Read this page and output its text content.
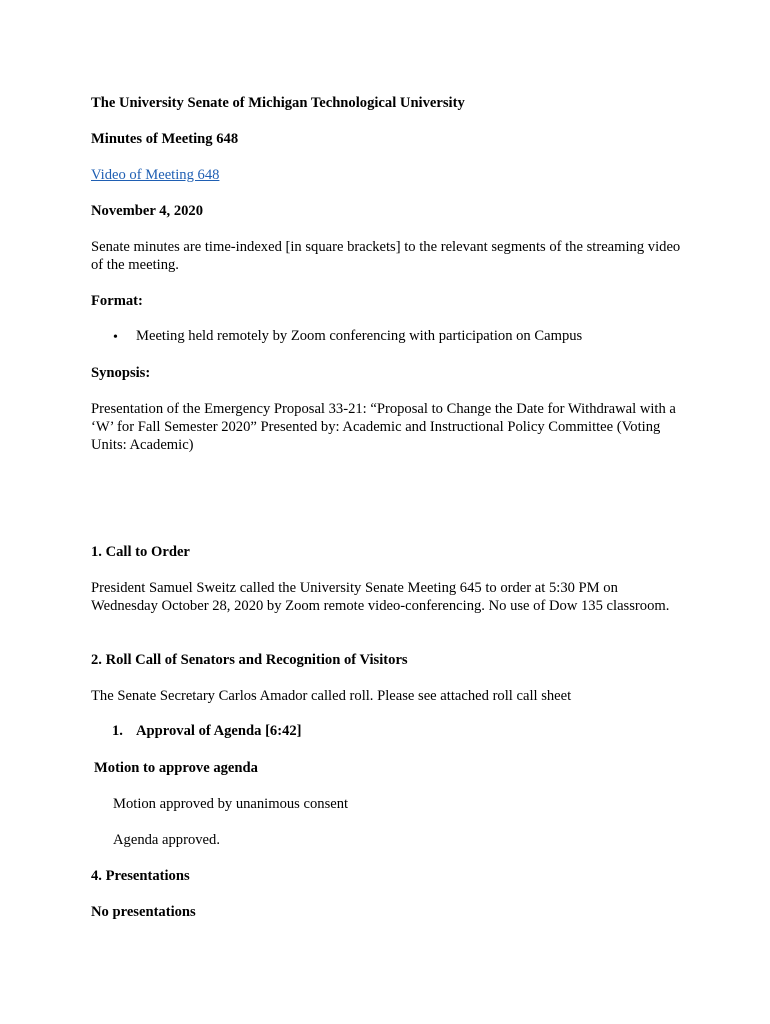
The University Senate of Michigan Technological University

Minutes of Meeting 648

Video of Meeting 648

November 4, 2020

Senate minutes are time-indexed [in square brackets] to the relevant segments of the streaming video of the meeting.

Format:

• Meeting held remotely by Zoom conferencing with participation on Campus

Synopsis:

Presentation of the Emergency Proposal 33-21: “Proposal to Change the Date for Withdrawal with a ‘W’ for Fall Semester 2020” Presented by: Academic and Instructional Policy Committee (Voting Units: Academic)

1. Call to Order

President Samuel Sweitz called the University Senate Meeting 645 to order at 5:30 PM on Wednesday October 28, 2020 by Zoom remote video-conferencing. No use of Dow 135 classroom.

2. Roll Call of Senators and Recognition of Visitors

The Senate Secretary Carlos Amador called roll. Please see attached roll call sheet

1. Approval of Agenda [6:42]

Motion to approve agenda

Motion approved by unanimous consent

Agenda approved.

4. Presentations

No presentations
